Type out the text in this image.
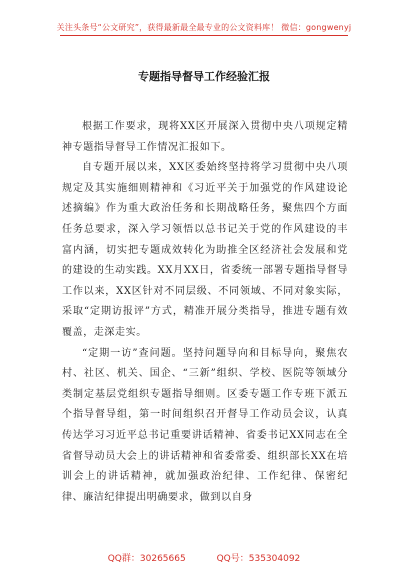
关注头条号“公文研究”，获得最新最全最专业的公文资料库！ 微信：gongwenyj
专题指导督导工作经验汇报

根据工作要求，现将XX区开展深入贯彻中央八项规定精神专题指导督导工作情况汇报如下。

自专题开展以来，XX区委始终坚持将学习贯彻中央八项规定及其实施细则精神和《习近平关于加强党的作风建设论述摘编》作为重大政治任务和长期战略任务，聚焦四个方面任务总要求，深入学习领悟以总书记关于党的作风建设的丰富内涵，切实把专题成效转化为助推全区经济社会发展和党的建设的生动实践。XX月XX日，省委统一部署专题指导督导工作以来，XX区针对不同层级、不同领域、不同对象实际，采取“定期访报评”方式，精准开展分类指导，推进专题有效覆盖，走深走实。

“定期一访”查问题。坚持问题导向和目标导向，聚焦农村、社区、机关、国企、“三新”组织、学校、医院等领域分类制定基层党组织专题指导细则。区委专题工作专班下派五个指导督导组，第一时间组织召开督导工作动员会议，认真传达学习习近平总书记重要讲话精神、省委书记XX同志在全省督导动员大会上的讲话精神和省委常委、组织部长XX在培训会上的讲话精神，就加强政治纪律、工作纪律、保密纪律、廉洁纪律提出明确要求，做到以自身

QQ群：30265665	QQ号：535304092
